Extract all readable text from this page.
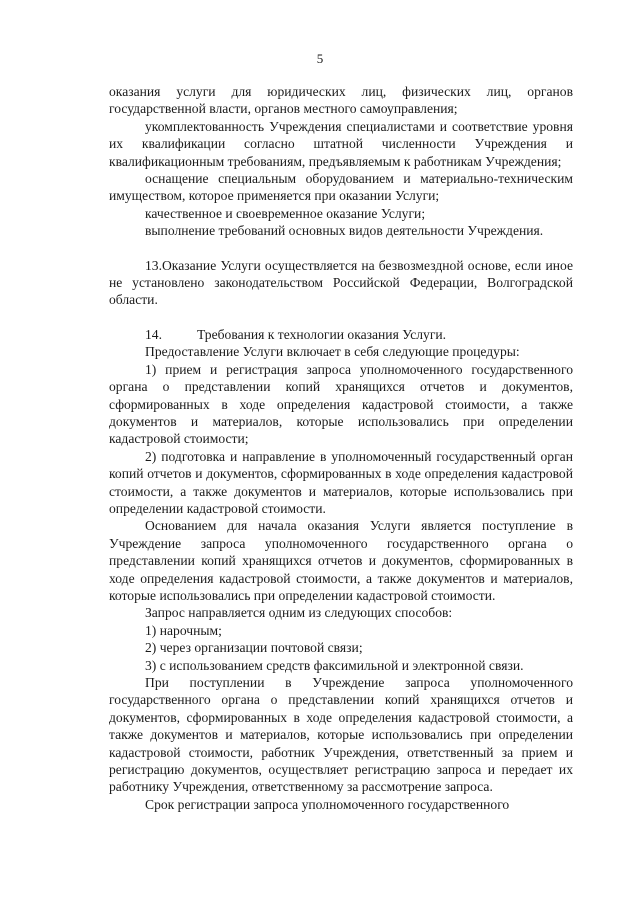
5

оказания услуги для юридических лиц, физических лиц, органов государственной власти, органов местного самоуправления;

укомплектованность Учреждения специалистами и соответствие уровня их квалификации согласно штатной численности Учреждения и квалификационным требованиям, предъявляемым к работникам Учреждения;

оснащение специальным оборудованием и материально-техническим имуществом, которое применяется при оказании Услуги;

качественное и своевременное оказание Услуги;

выполнение требований основных видов деятельности Учреждения.

13.Оказание Услуги осуществляется на безвозмездной основе, если иное не установлено законодательством Российской Федерации, Волгоградской области.

14.	Требования к технологии оказания Услуги.

Предоставление Услуги включает в себя следующие процедуры:

1) прием и регистрация запроса уполномоченного государственного органа о представлении копий хранящихся отчетов и документов, сформированных в ходе определения кадастровой стоимости, а также документов и материалов, которые использовались при определении кадастровой стоимости;

2) подготовка и направление в уполномоченный государственный орган копий отчетов и документов, сформированных в ходе определения кадастровой стоимости, а также документов и материалов, которые использовались при определении кадастровой стоимости.

Основанием для начала оказания Услуги является поступление в Учреждение запроса уполномоченного государственного органа о представлении копий хранящихся отчетов и документов, сформированных в ходе определения кадастровой стоимости, а также документов и материалов, которые использовались при определении кадастровой стоимости.

Запрос направляется одним из следующих способов:

1) нарочным;

2) через организации почтовой связи;

3) с использованием средств факсимильной и электронной связи.

При поступлении в Учреждение запроса уполномоченного государственного органа о представлении копий хранящихся отчетов и документов, сформированных в ходе определения кадастровой стоимости, а также документов и материалов, которые использовались при определении кадастровой стоимости, работник Учреждения, ответственный за прием и регистрацию документов, осуществляет регистрацию запроса и передает их работнику Учреждения, ответственному за рассмотрение запроса.

Срок регистрации запроса уполномоченного государственного
